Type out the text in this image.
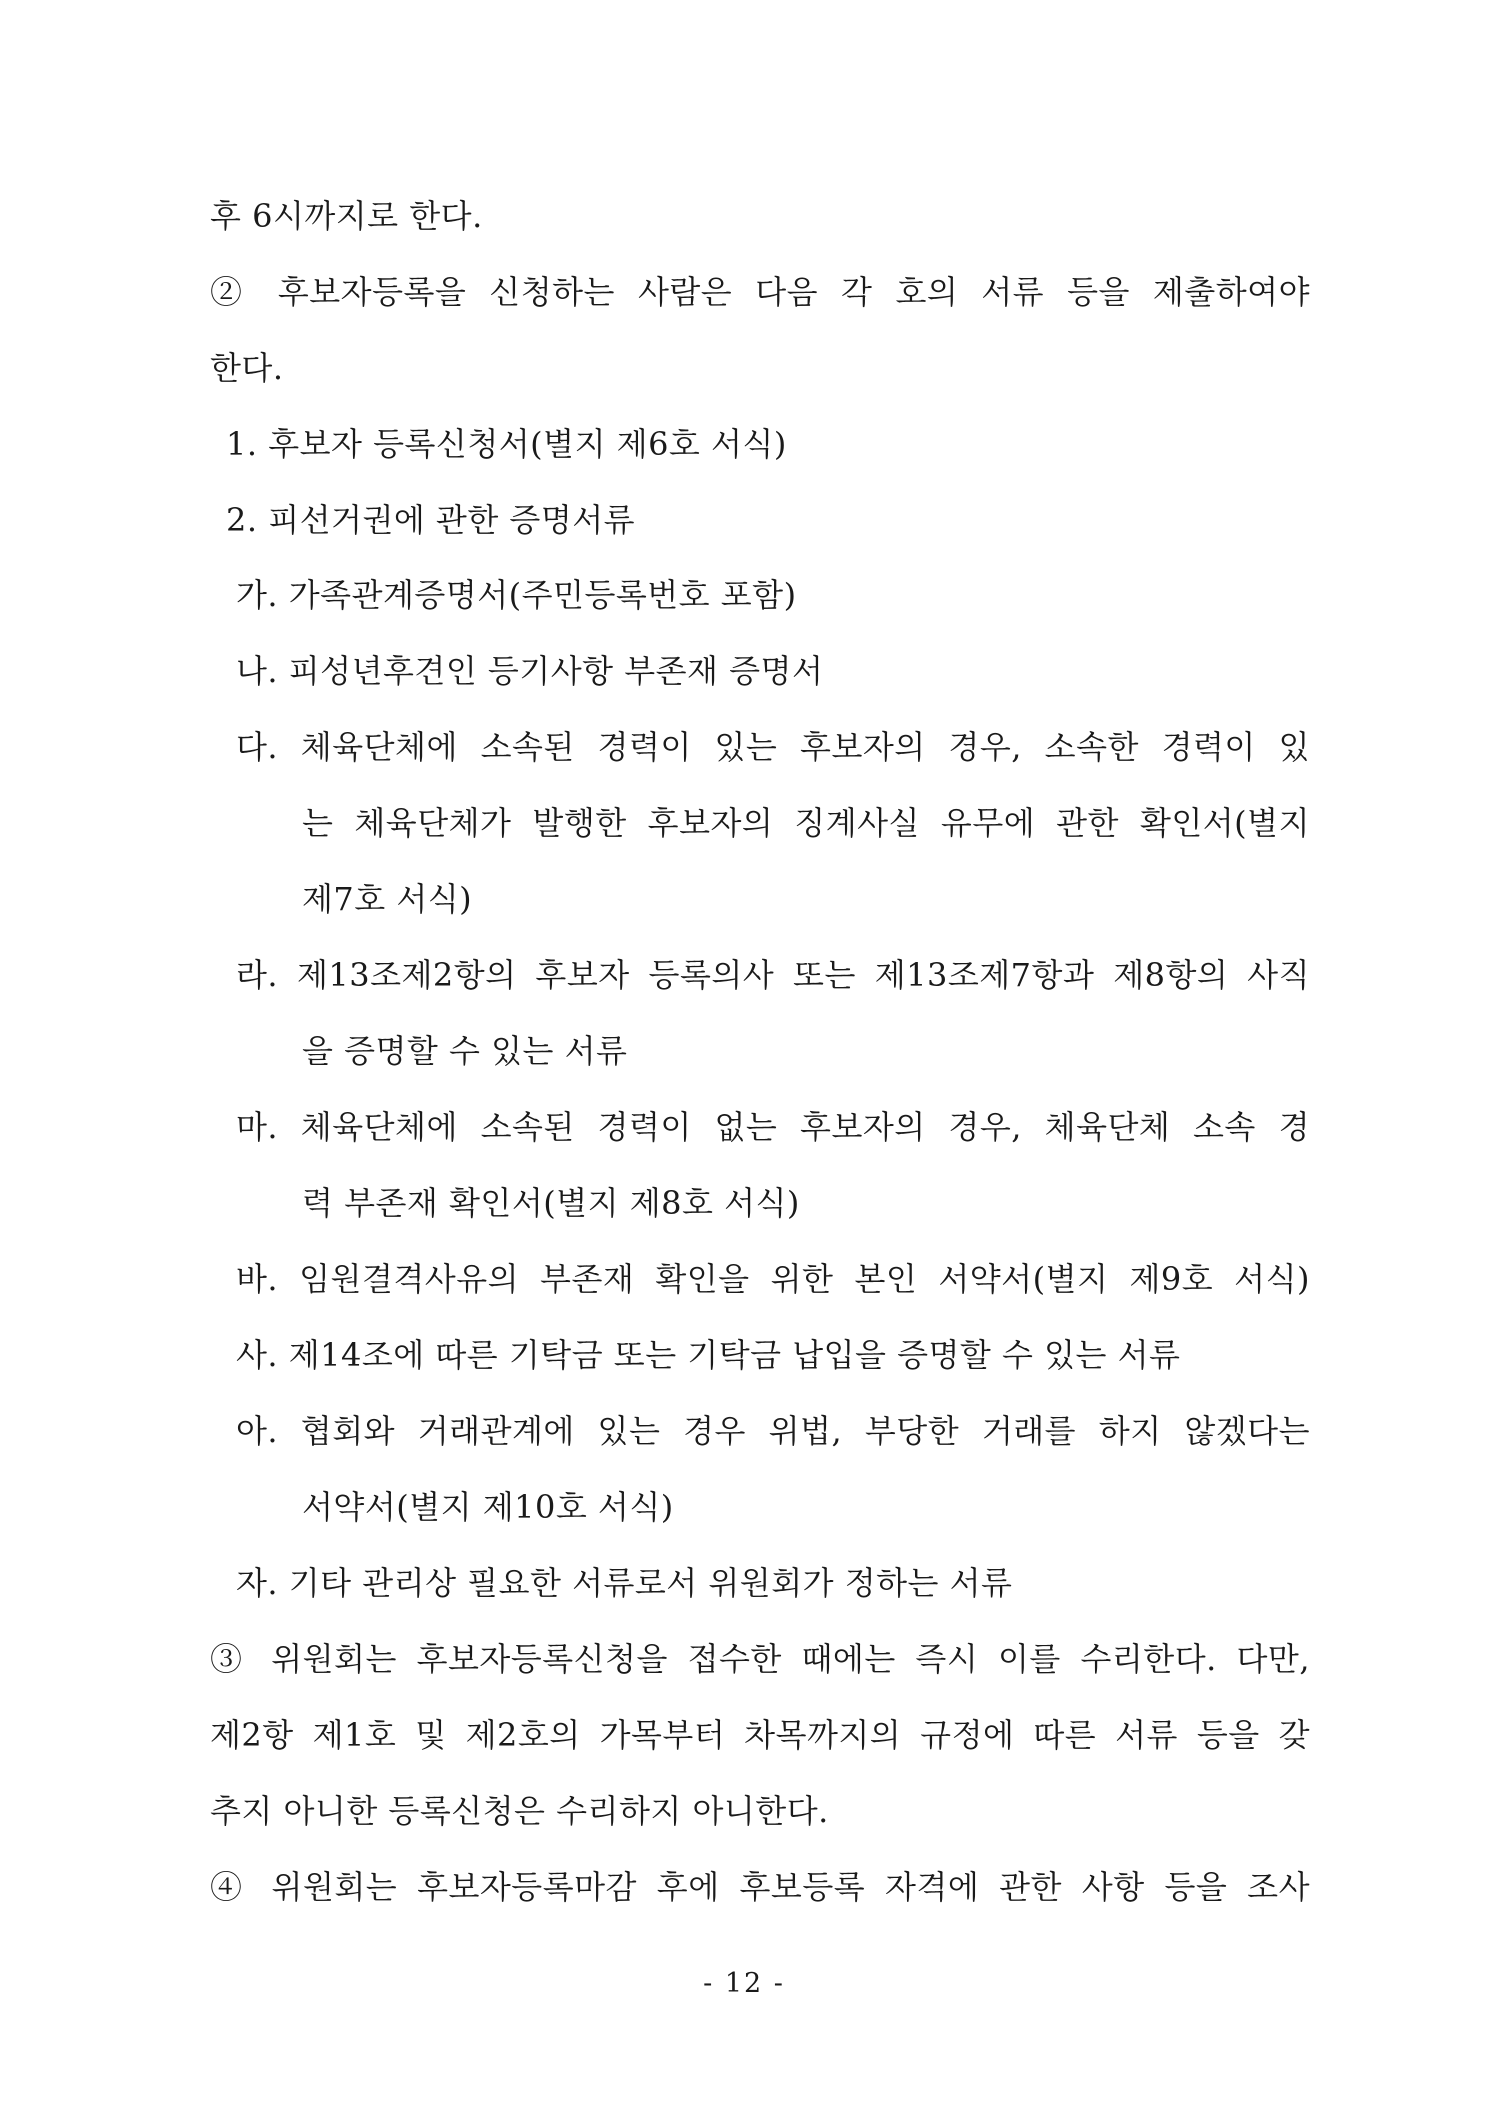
후 6시까지로 한다.
② 후보자등록을 신청하는 사람은 다음 각 호의 서류 등을 제출하여야
한다.
1. 후보자 등록신청서(별지 제6호 서식)
2. 피선거권에 관한 증명서류
가. 가족관계증명서(주민등록번호 포함)
나. 피성년후견인 등기사항 부존재 증명서
다. 체육단체에 소속된 경력이 있는 후보자의 경우, 소속한 경력이 있
는 체육단체가 발행한 후보자의 징계사실 유무에 관한 확인서(별지
제7호 서식)
라. 제13조제2항의 후보자 등록의사 또는 제13조제7항과 제8항의 사직
을 증명할 수 있는 서류
마. 체육단체에 소속된 경력이 없는 후보자의 경우, 체육단체 소속 경
력 부존재 확인서(별지 제8호 서식)
바. 임원결격사유의 부존재 확인을 위한 본인 서약서(별지 제9호 서식)
사. 제14조에 따른 기탁금 또는 기탁금 납입을 증명할 수 있는 서류
아. 협회와 거래관계에 있는 경우 위법, 부당한 거래를 하지 않겠다는
서약서(별지 제10호 서식)
자. 기타 관리상 필요한 서류로서 위원회가 정하는 서류
③ 위원회는 후보자등록신청을 접수한 때에는 즉시 이를 수리한다. 다만,
제2항 제1호 및 제2호의 가목부터 차목까지의 규정에 따른 서류 등을 갖
추지 아니한 등록신청은 수리하지 아니한다.
④ 위원회는 후보자등록마감 후에 후보등록 자격에 관한 사항 등을 조사
- 12 -
